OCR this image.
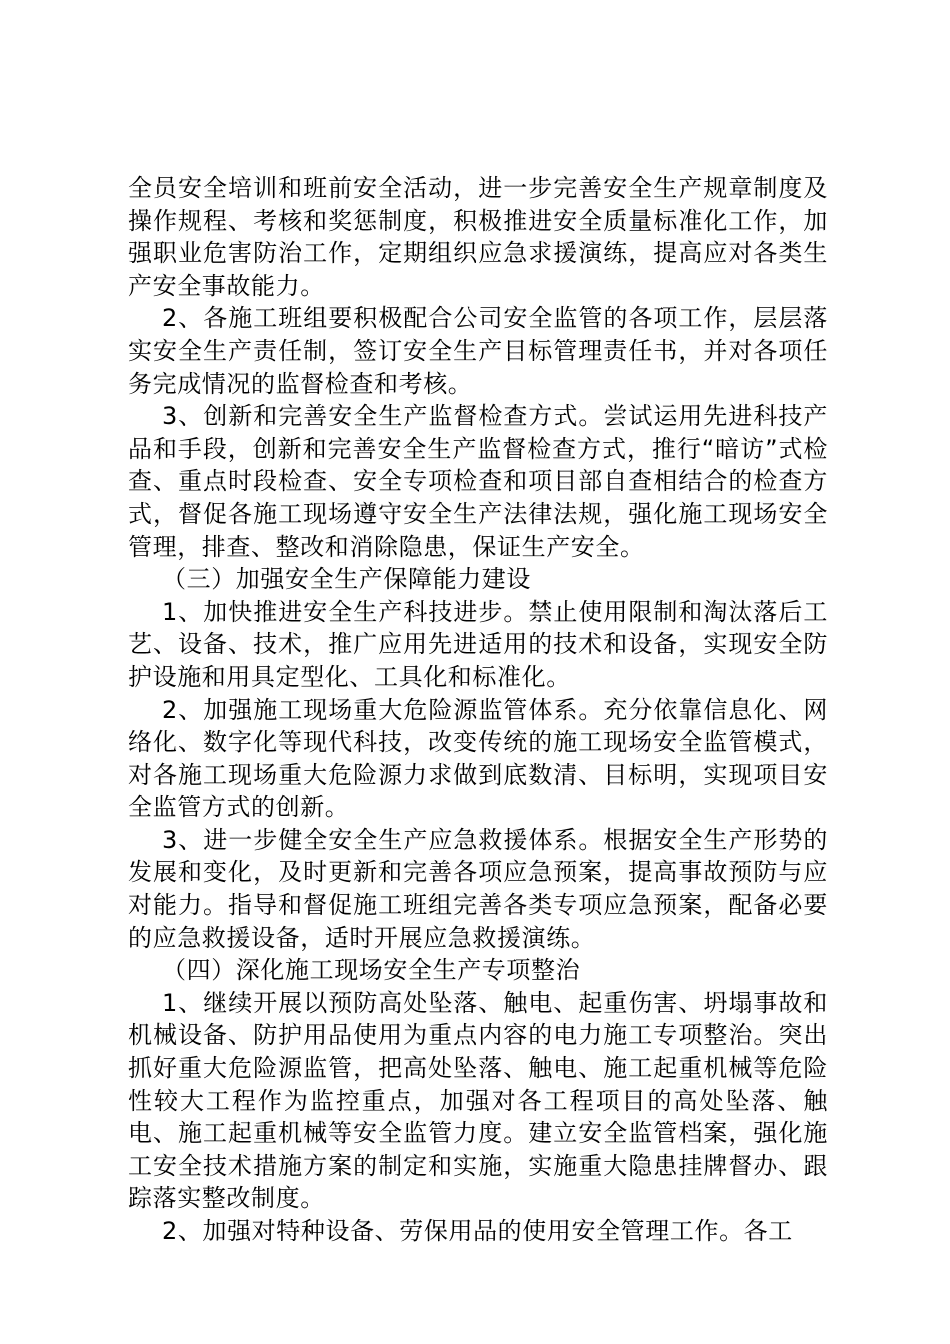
全员安全培训和班前安全活动，进一步完善安全生产规章制度及操作规程、考核和奖惩制度，积极推进安全质量标准化工作，加强职业危害防治工作，定期组织应急求援演练，提高应对各类生产安全事故能力。

2、各施工班组要积极配合公司安全监管的各项工作，层层落实安全生产责任制，签订安全生产目标管理责任书，并对各项任务完成情况的监督检查和考核。

3、创新和完善安全生产监督检查方式。尝试运用先进科技产品和手段，创新和完善安全生产监督检查方式，推行“暗访”式检查、重点时段检查、安全专项检查和项目部自查相结合的检查方式，督促各施工现场遵守安全生产法律法规，强化施工现场安全管理，排查、整改和消除隐患，保证生产安全。

（三）加强安全生产保障能力建设

1、加快推进安全生产科技进步。禁止使用限制和淘汰落后工艺、设备、技术，推广应用先进适用的技术和设备，实现安全防护设施和用具定型化、工具化和标准化。

2、加强施工现场重大危险源监管体系。充分依靠信息化、网络化、数字化等现代科技，改变传统的施工现场安全监管模式，对各施工现场重大危险源力求做到底数清、目标明，实现项目安全监管方式的创新。

3、进一步健全安全生产应急救援体系。根据安全生产形势的发展和变化，及时更新和完善各项应急预案，提高事故预防与应对能力。指导和督促施工班组完善各类专项应急预案，配备必要的应急救援设备，适时开展应急救援演练。

（四）深化施工现场安全生产专项整治

1、继续开展以预防高处坠落、触电、起重伤害、坍塌事故和机械设备、防护用品使用为重点内容的电力施工专项整治。突出抓好重大危险源监管，把高处坠落、触电、施工起重机械等危险性较大工程作为监控重点，加强对各工程项目的高处坠落、触电、施工起重机械等安全监管力度。建立安全监管档案，强化施工安全技术措施方案的制定和实施，实施重大隐患挂牌督办、跟踪落实整改制度。

2、加强对特种设备、劳保用品的使用安全管理工作。各工
